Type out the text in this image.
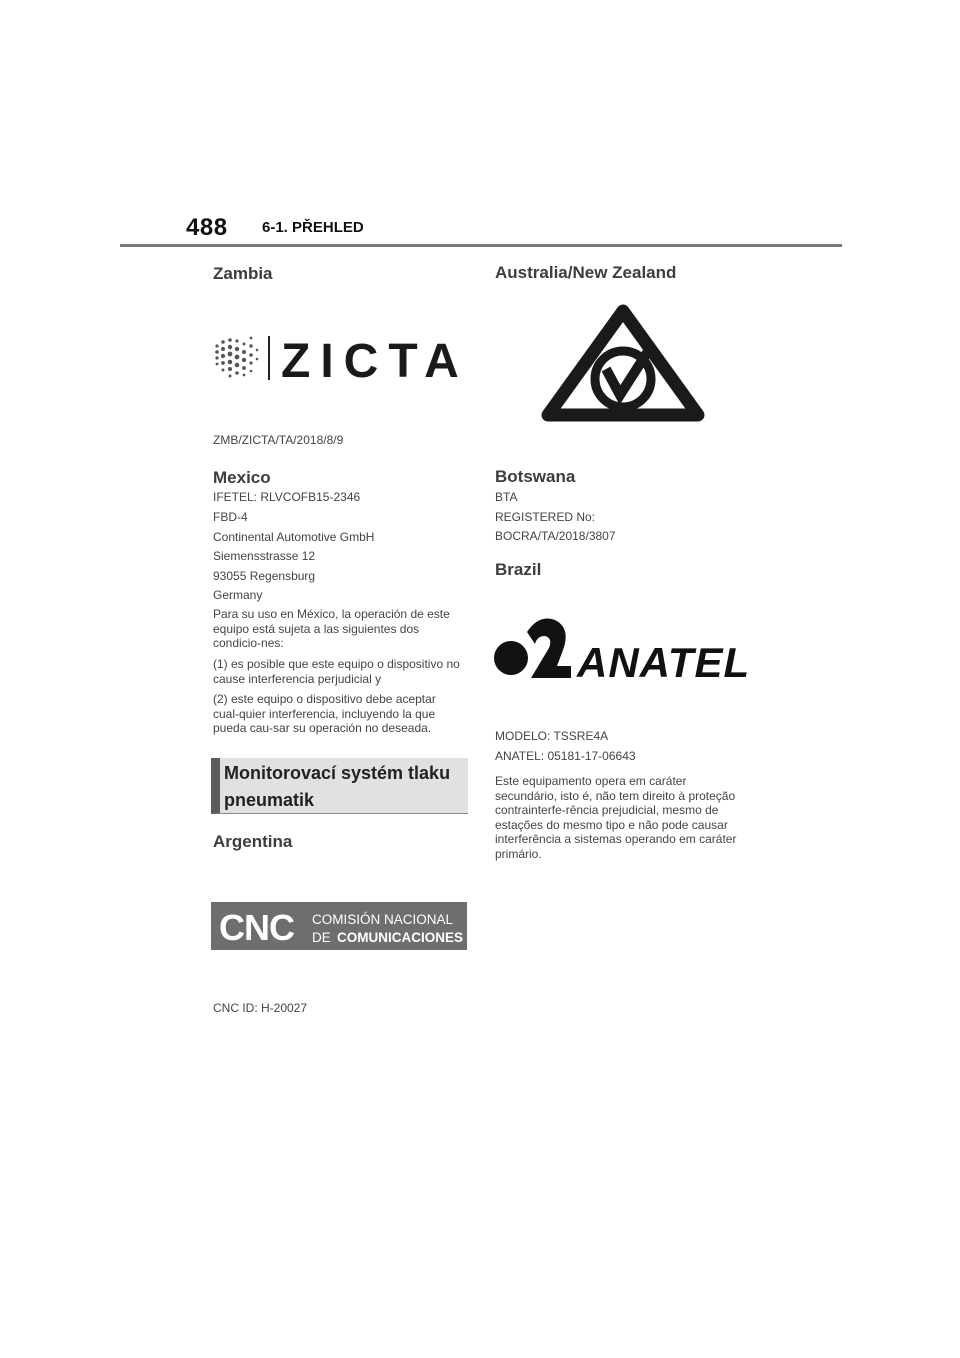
488 6-1. PŘEHLED
Zambia
ZICTA

ZMB/ZICTA/TA/2018/8/9

Mexico

IFETEL: RLVCOFB15-2346

FBD-4

Continental Automotive GmbH

Siemensstrasse 12

93055 Regensburg

Germany

Para su uso en México, la operación de este equipo está sujeta a las siguientes dos condicio-nes:

(1) es posible que este equipo o dispositivo no cause interferencia perjudicial y

(2) este equipo o dispositivo debe aceptar cual-quier interferencia, incluyendo la que pueda cau-sar su operación no deseada.

Monitorovací systém tlaku
pneumatik
Argentina
CNC COMISIÓN NACIONAL
DE COMUNICACIONES

CNC ID: H-20027

Australia/New Zealand
Botswana

BTA

REGISTERED No:

BOCRA/TA/2018/3807

Brazil
ANATEL

MODELO: TSSRE4A

ANATEL: 05181-17-06643

Este equipamento opera em caráter secundário, isto é, não tem direito à proteção contrainterfe-rência prejudicial, mesmo de estações do mesmo tipo e não pode causar interferência a sistemas operando em caráter primário.
